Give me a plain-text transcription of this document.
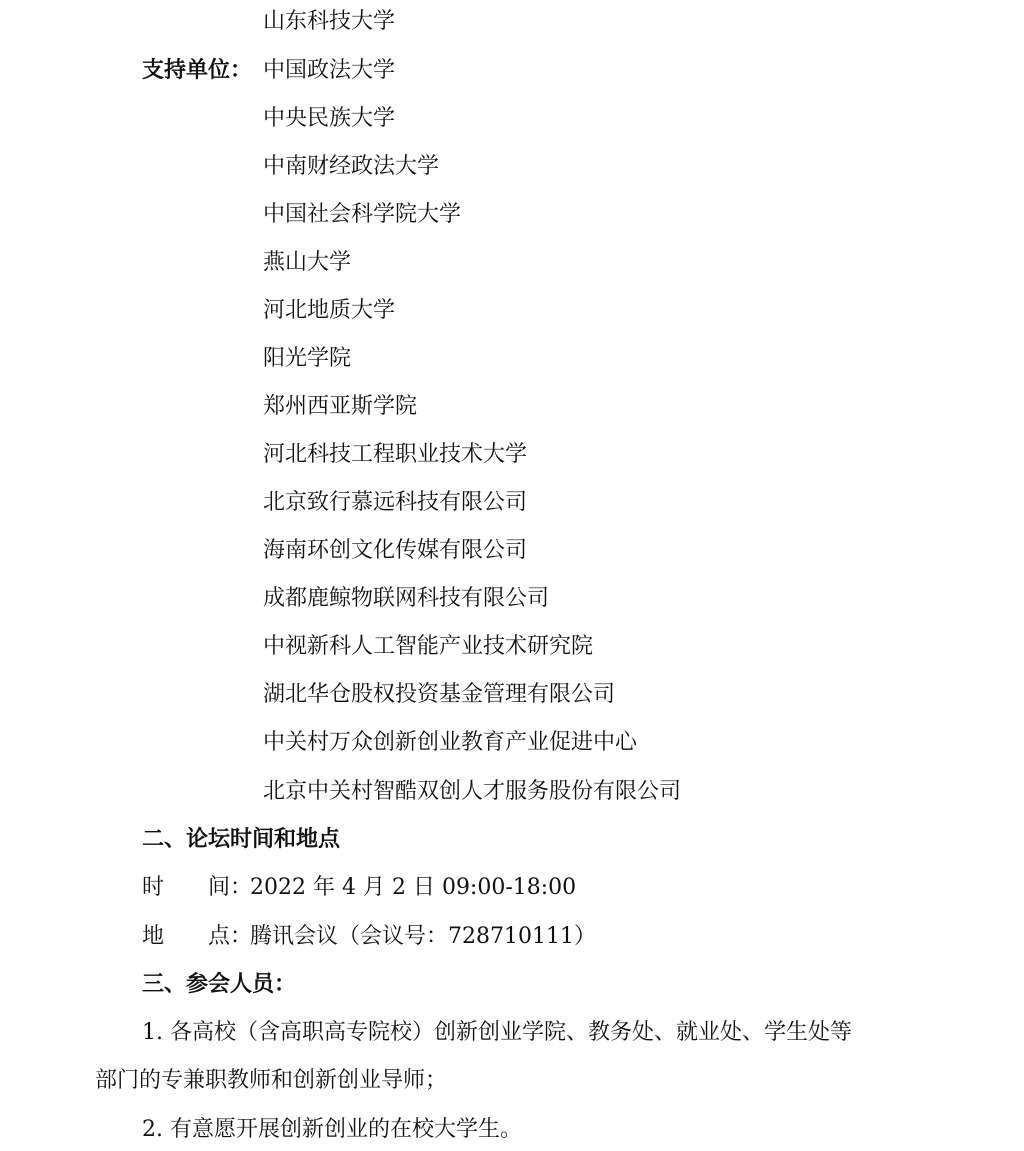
山东科技大学
支持单位： 中国政法大学
中央民族大学
中南财经政法大学
中国社会科学院大学
燕山大学
河北地质大学
阳光学院
郑州西亚斯学院
河北科技工程职业技术大学
北京致行慕远科技有限公司
海南环创文化传媒有限公司
成都鹿鲸物联网科技有限公司
中视新科人工智能产业技术研究院
湖北华仓股权投资基金管理有限公司
中关村万众创新创业教育产业促进中心
北京中关村智酷双创人才服务股份有限公司
二、论坛时间和地点
时　　间：
2022 年 4 月 2 日 09:00-18:00
地　　点：
腾讯会议（会议号：728710111）
三、参会人员：
1. 各高校（含高职高专院校）创新创业学院、教务处、就业处、学生处等
部门的专兼职教师和创新创业导师；
2. 有意愿开展创新创业的在校大学生。
